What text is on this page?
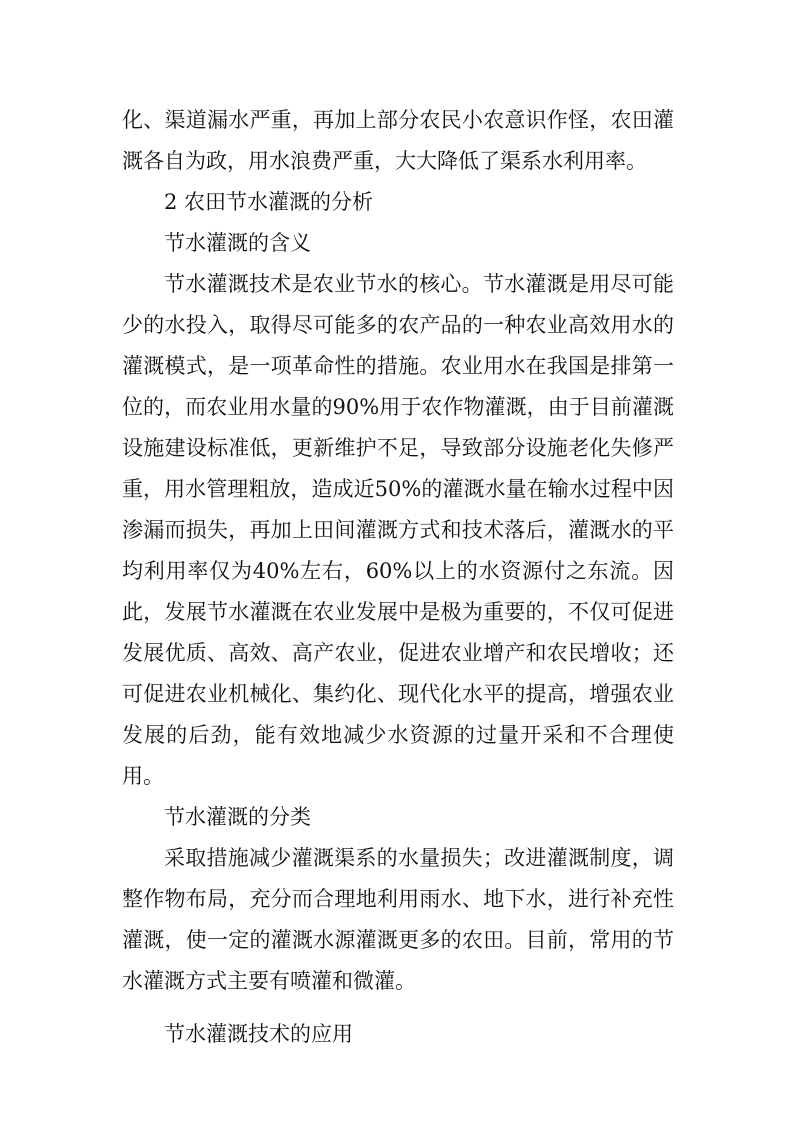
化、渠道漏水严重，再加上部分农民小农意识作怪，农田灌溉各自为政，用水浪费严重，大大降低了渠系水利用率。

2 农田节水灌溉的分析

节水灌溉的含义

节水灌溉技术是农业节水的核心。节水灌溉是用尽可能少的水投入，取得尽可能多的农产品的一种农业高效用水的灌溉模式，是一项革命性的措施。农业用水在我国是排第一位的，而农业用水量的90%用于农作物灌溉，由于目前灌溉设施建设标准低，更新维护不足，导致部分设施老化失修严重，用水管理粗放，造成近50%的灌溉水量在输水过程中因渗漏而损失，再加上田间灌溉方式和技术落后，灌溉水的平均利用率仅为40%左右，60%以上的水资源付之东流。因此，发展节水灌溉在农业发展中是极为重要的，不仅可促进发展优质、高效、高产农业，促进农业增产和农民增收；还可促进农业机械化、集约化、现代化水平的提高，增强农业发展的后劲，能有效地减少水资源的过量开采和不合理使用。

节水灌溉的分类

采取措施减少灌溉渠系的水量损失；改进灌溉制度，调整作物布局，充分而合理地利用雨水、地下水，进行补充性灌溉，使一定的灌溉水源灌溉更多的农田。目前，常用的节水灌溉方式主要有喷灌和微灌。

节水灌溉技术的应用
